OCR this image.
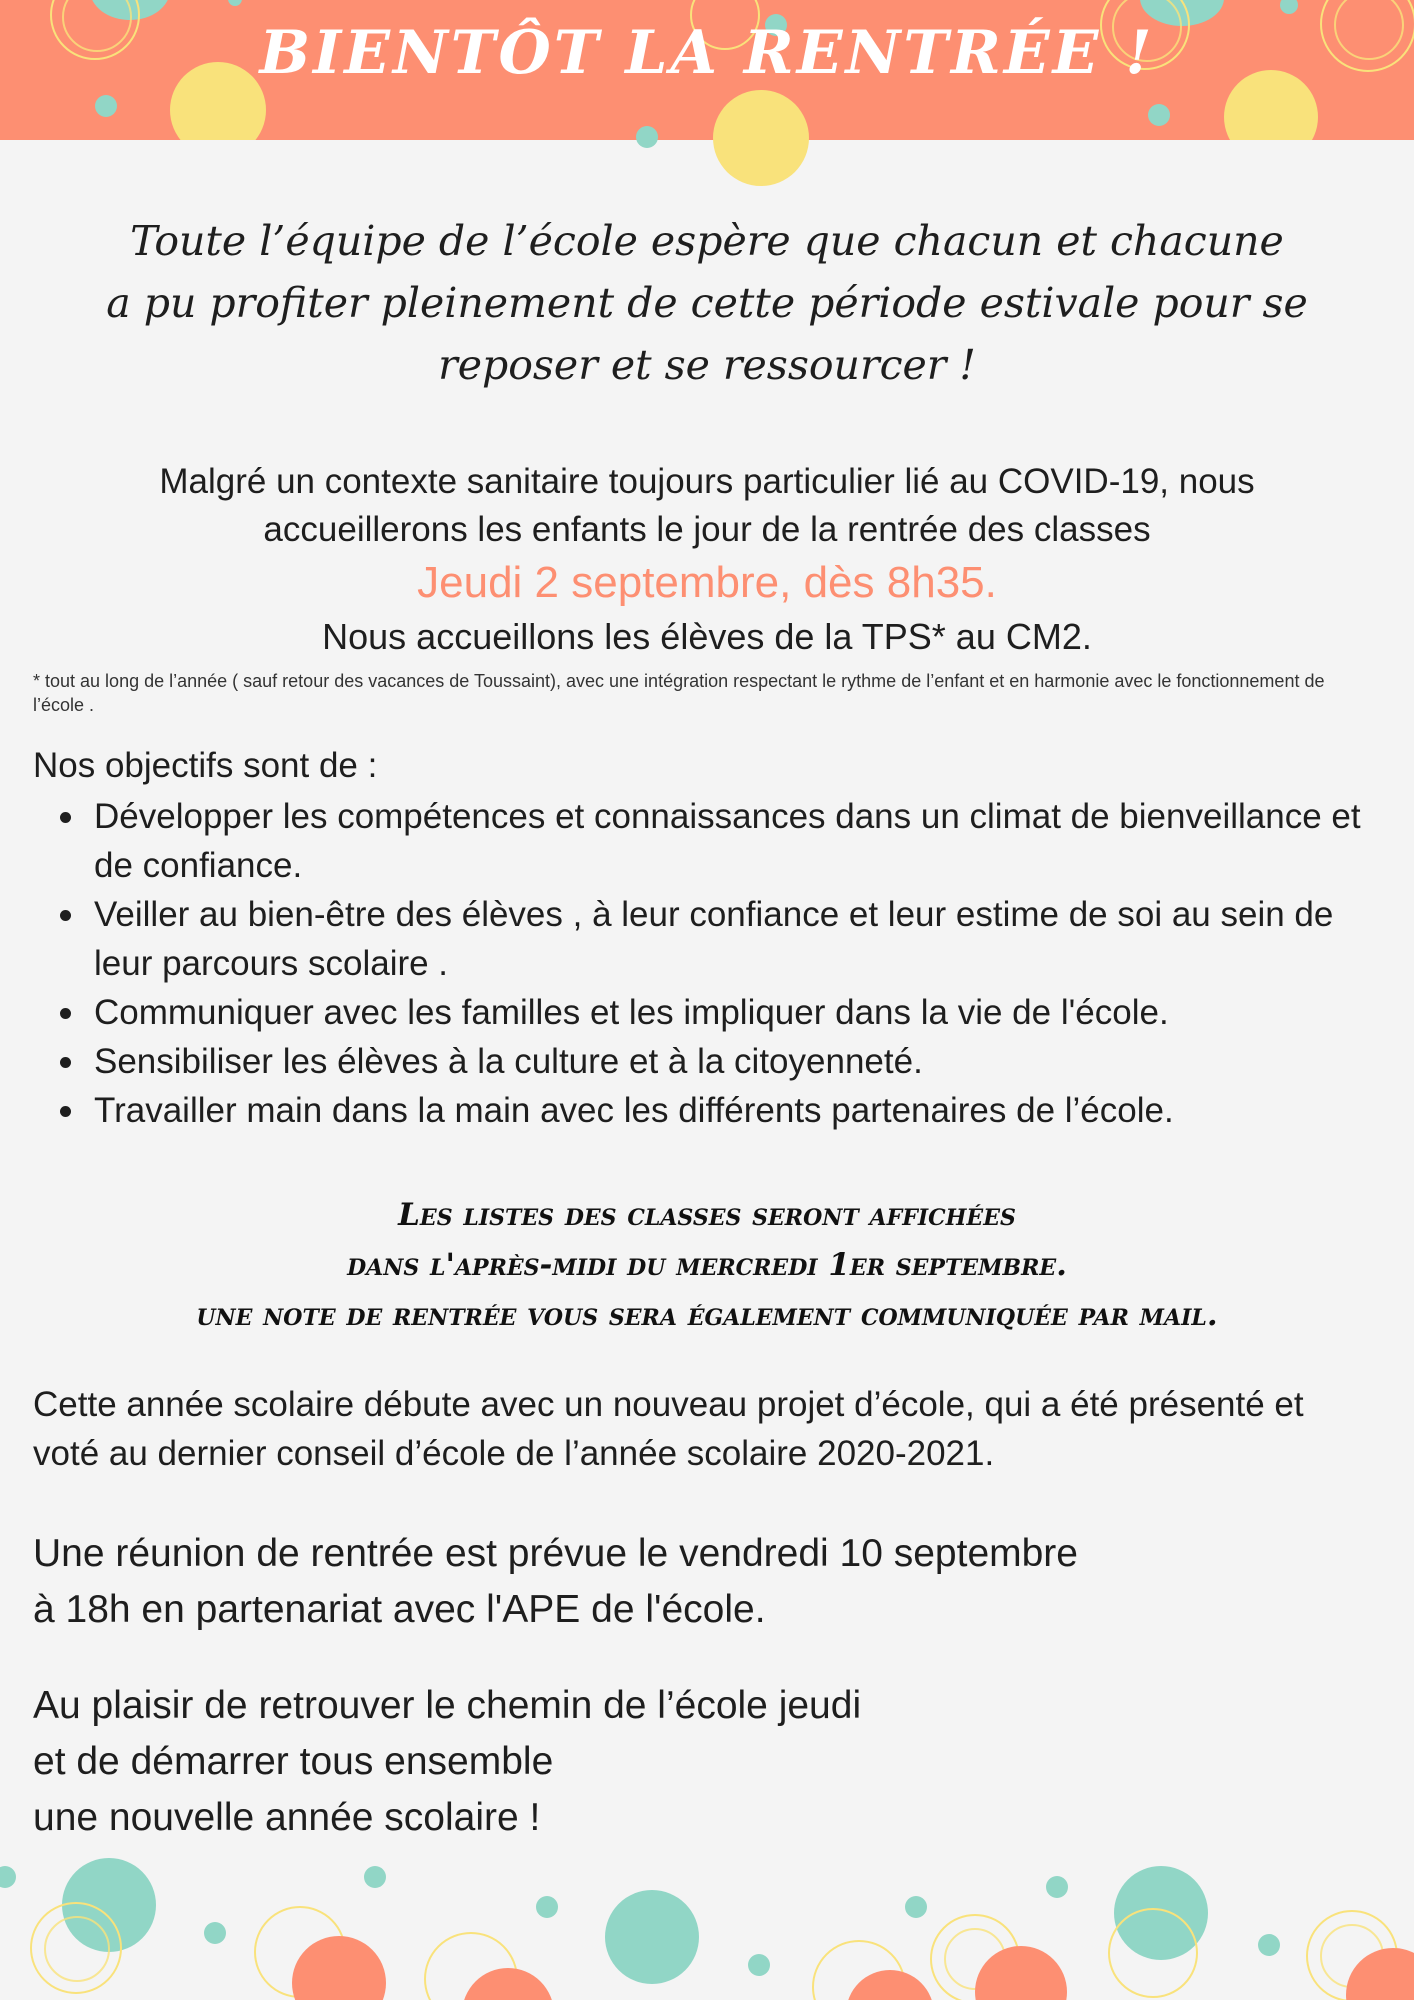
BIENTÔT LA RENTRÉE !
Toute l’équipe de l’école espère que chacun et chacune
a pu profiter pleinement de cette période estivale pour se
reposer et se ressourcer !
Malgré un contexte sanitaire toujours particulier lié au COVID-19, nous
accueillerons les enfants le jour de la rentrée des classes
Jeudi 2 septembre, dès 8h35.
Nous accueillons les élèves de la TPS* au CM2.
* tout au long de l’année ( sauf retour des vacances de Toussaint), avec une intégration respectant le rythme de l’enfant et en harmonie avec le fonctionnement de l’école .
Nos objectifs sont de :
Développer les compétences et connaissances dans un climat de bienveillance et de confiance.
Veiller au bien-être des élèves , à leur confiance et leur estime de soi au sein de leur parcours scolaire .
Communiquer avec les familles et les impliquer dans la vie de l'école.
Sensibiliser les élèves à la culture et à la citoyenneté.
Travailler main dans la main avec les différents partenaires de l’école.
Les listes des classes seront affichées
dans l'après-midi du mercredi 1er septembre.
une note de rentrée vous sera également communiquée par mail.
Cette année scolaire débute avec un nouveau projet d’école, qui a été présenté et
voté au dernier conseil d’école de l’année scolaire 2020-2021.
Une réunion de rentrée est prévue le vendredi 10 septembre
à 18h en partenariat avec l'APE de l'école.
Au plaisir de retrouver le chemin de l’école jeudi
et de démarrer tous ensemble
une nouvelle année scolaire !
